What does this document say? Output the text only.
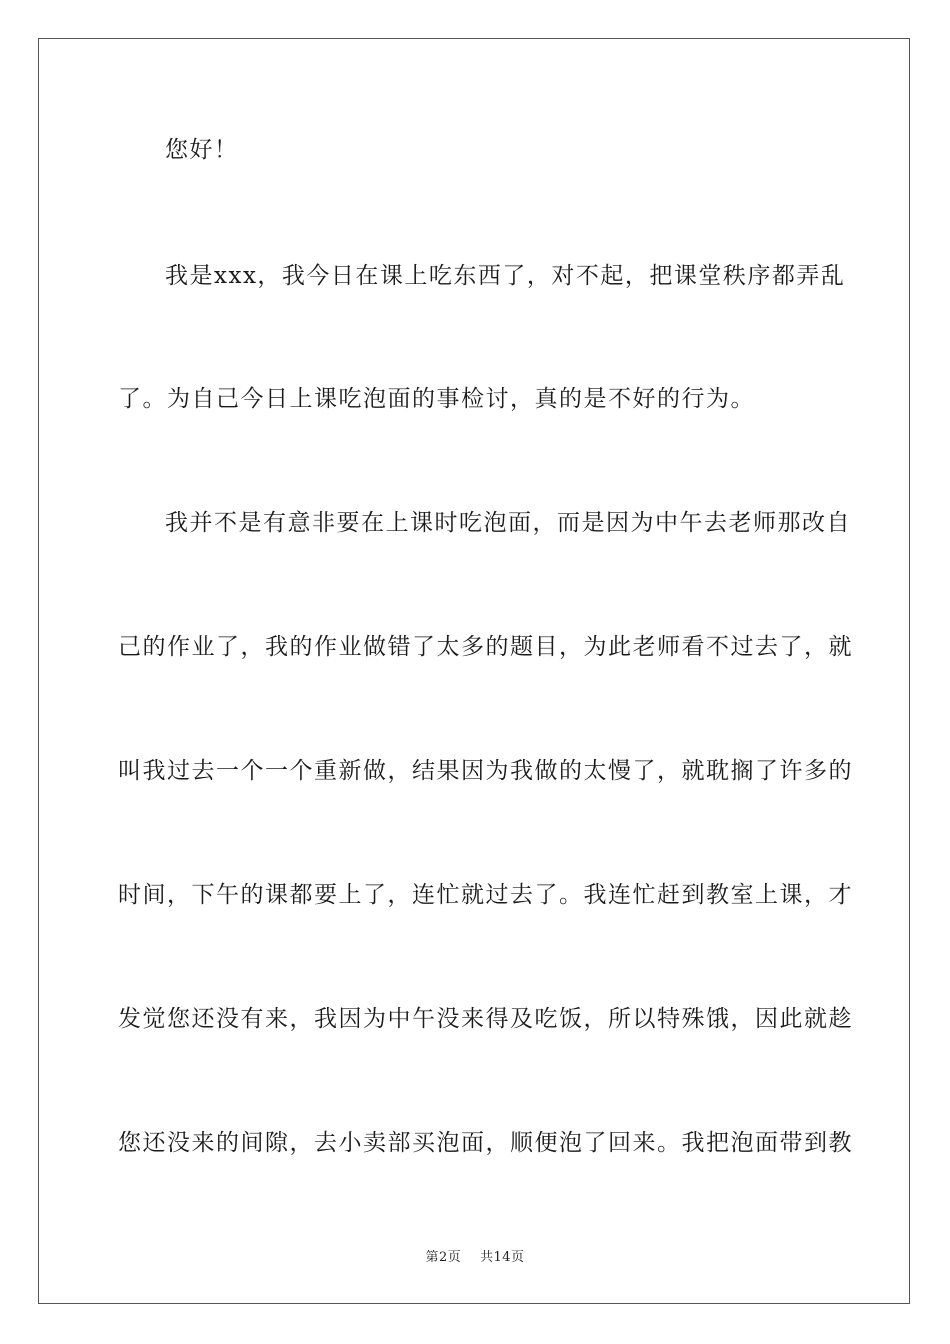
您好！
我是xxx，我今日在课上吃东西了，对不起，把课堂秩序都弄乱
了。为自己今日上课吃泡面的事检讨，真的是不好的行为。
我并不是有意非要在上课时吃泡面，而是因为中午去老师那改自
己的作业了，我的作业做错了太多的题目，为此老师看不过去了，就
叫我过去一个一个重新做，结果因为我做的太慢了，就耽搁了许多的
时间，下午的课都要上了，连忙就过去了。我连忙赶到教室上课，才
发觉您还没有来，我因为中午没来得及吃饭，所以特殊饿，因此就趁
您还没来的间隙，去小卖部买泡面，顺便泡了回来。我把泡面带到教
第2页 共14页
